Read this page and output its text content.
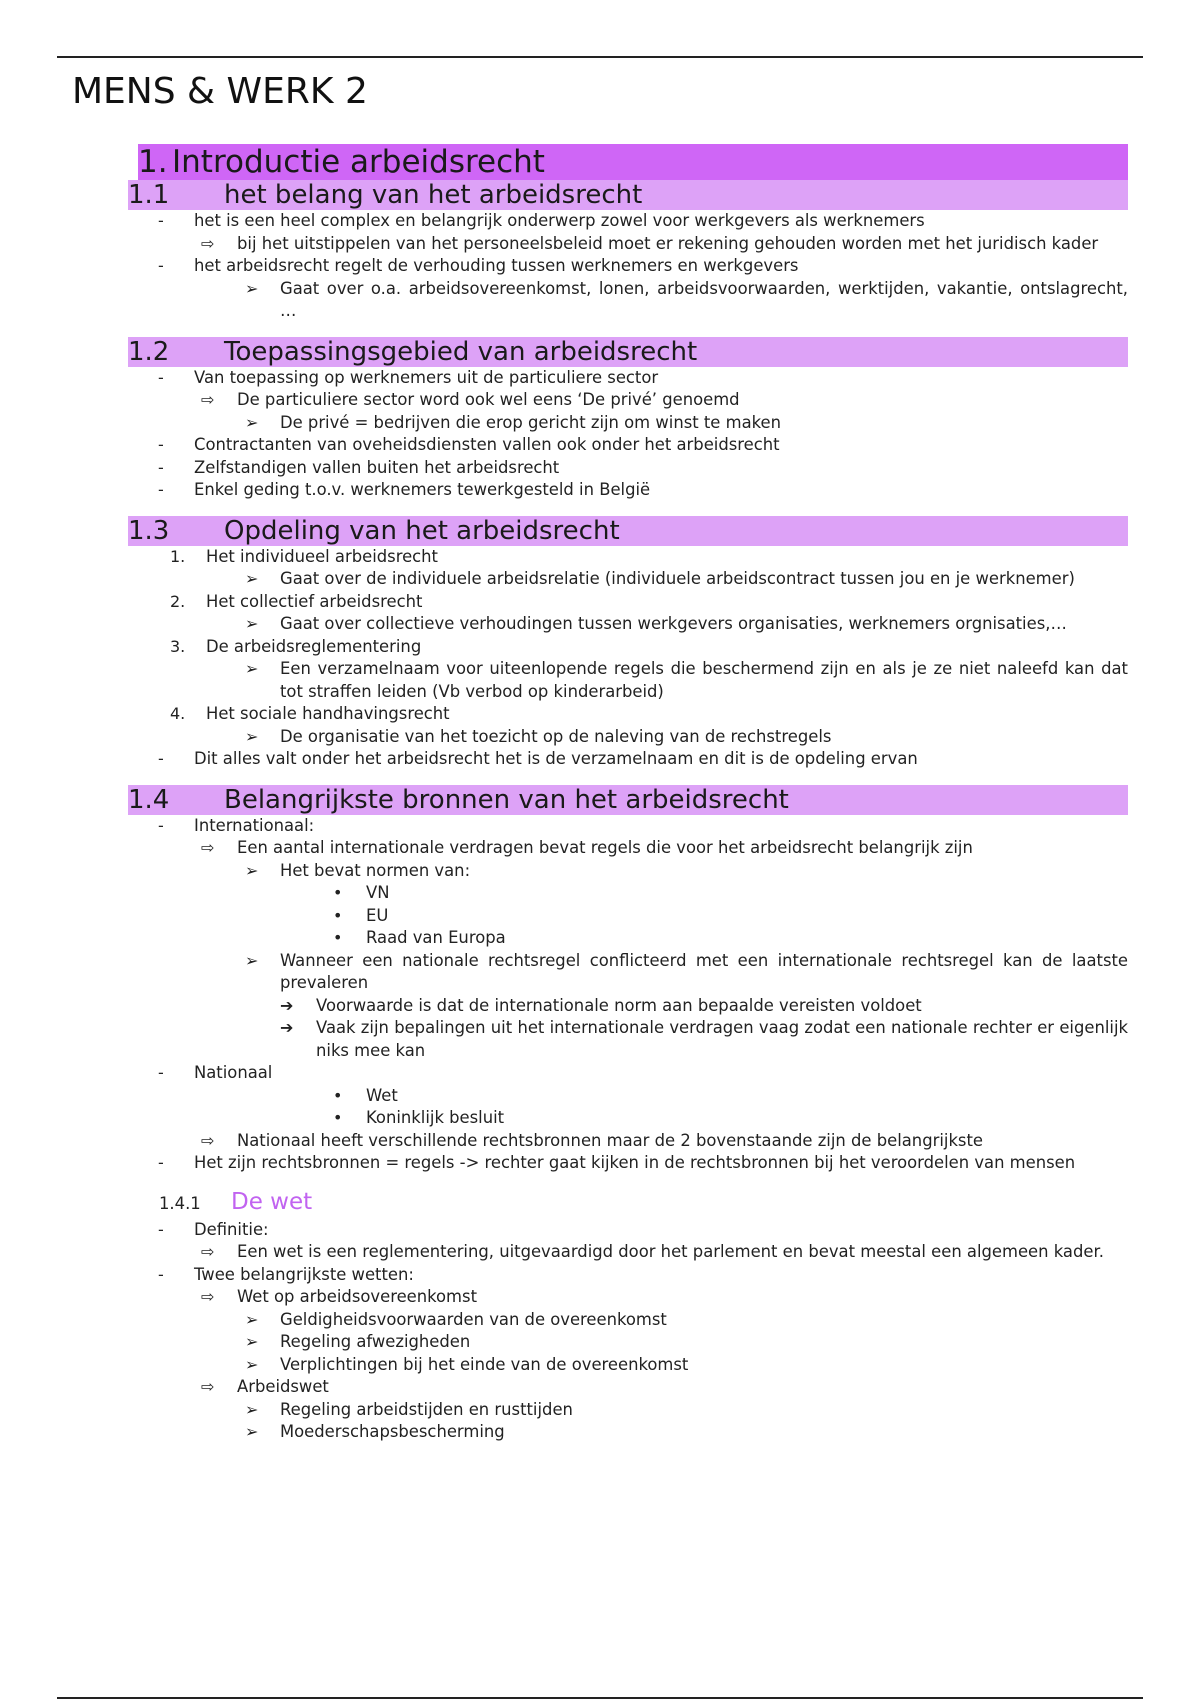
MENS & WERK 2
1. Introductie arbeidsrecht
1.1	het belang van het arbeidsrecht
- het is een heel complex en belangrijk onderwerp zowel voor werkgevers als werknemers
⇨ bij het uitstippelen van het personeelsbeleid moet er rekening gehouden worden met het juridisch kader
- het arbeidsrecht regelt de verhouding tussen werknemers en werkgevers
➢ Gaat over o.a. arbeidsovereenkomst, lonen, arbeidsvoorwaarden, werktijden, vakantie, ontslagrecht, …
1.2	Toepassingsgebied van arbeidsrecht
- Van toepassing op werknemers uit de particuliere sector
⇨ De particuliere sector word ook wel eens ‘De privé’ genoemd
➢ De privé = bedrijven die erop gericht zijn om winst te maken
- Contractanten van oveheidsdiensten vallen ook onder het arbeidsrecht
- Zelfstandigen vallen buiten het arbeidsrecht
- Enkel geding t.o.v. werknemers tewerkgesteld in België
1.3	Opdeling van het arbeidsrecht
1. Het individueel arbeidsrecht
➢ Gaat over de individuele arbeidsrelatie (individuele arbeidscontract tussen jou en je werknemer)
2. Het collectief arbeidsrecht
➢ Gaat over collectieve verhoudingen tussen werkgevers organisaties, werknemers orgnisaties,…
3. De arbeidsreglementering
➢ Een verzamelnaam voor uiteenlopende regels die beschermend zijn en als je ze niet naleefd kan dat tot straffen leiden (Vb verbod op kinderarbeid)
4. Het sociale handhavingsrecht
➢ De organisatie van het toezicht op de naleving van de rechstregels
- Dit alles valt onder het arbeidsrecht het is de verzamelnaam en dit is de opdeling ervan
1.4	Belangrijkste bronnen van het arbeidsrecht
- Internationaal:
⇨ Een aantal internationale verdragen bevat regels die voor het arbeidsrecht belangrijk zijn
➢ Het bevat normen van:
• VN
• EU
• Raad van Europa
➢ Wanneer een nationale rechtsregel conflicteerd met een internationale rechtsregel kan de laatste prevaleren
➔ Voorwaarde is dat de internationale norm aan bepaalde vereisten voldoet
➔ Vaak zijn bepalingen uit het internationale verdragen vaag zodat een nationale rechter er eigenlijk niks mee kan
- Nationaal
• Wet
• Koninklijk besluit
⇨ Nationaal heeft verschillende rechtsbronnen maar de 2 bovenstaande zijn de belangrijkste
- Het zijn rechtsbronnen = regels -> rechter gaat kijken in de rechtsbronnen bij het veroordelen van mensen
1.4.1 De wet
- Definitie:
⇨ Een wet is een reglementering, uitgevaardigd door het parlement en bevat meestal een algemeen kader.
- Twee belangrijkste wetten:
⇨ Wet op arbeidsovereenkomst
➢ Geldigheidsvoorwaarden van de overeenkomst
➢ Regeling afwezigheden
➢ Verplichtingen bij het einde van de overeenkomst
⇨ Arbeidswet
➢ Regeling arbeidstijden en rusttijden
➢ Moederschapsbescherming
